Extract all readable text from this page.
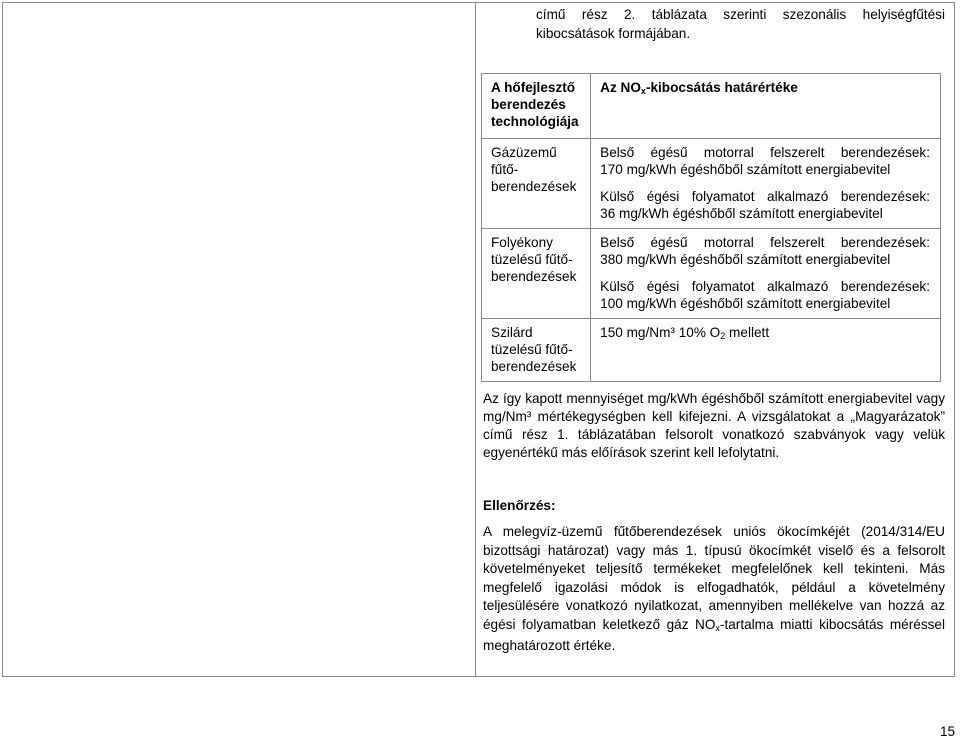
című rész 2. táblázata szerinti szezonális helyiségfűtési
kibocsátások formájában.
A hőfejlesztő berendezés technológiája	Az $NO_x$-kibocsátás határértéke
Gázüzemű fűtő-berendezések	Belső égésű motorral felszerelt berendezések:
170 mg/kWh égéshőből számított energiabevitel
Külső égési folyamatot alkalmazó berendezések:
36 mg/kWh égéshőből számított energiabevitel

Folyékony tüzelésű fűtő-berendezések	Belső égésű motorral felszerelt berendezések:
380 mg/kWh égéshőből számított energiabevitel
Külső égési folyamatot alkalmazó berendezések:
100 mg/kWh égéshőből számított energiabevitel

Szilárd tüzelésű fűtő-berendezések	150 mg/Nm³ 10% $O_2$ mellett
Az így kapott mennyiséget mg/kWh égéshőből számított energiabevitel vagy mg/Nm³ mértékegységben kell kifejezni. A vizsgálatokat a „Magyarázatok” című rész 1. táblázatában felsorolt vonatkozó szabványok vagy velük egyenértékű más előírások szerint kell lefolytatni.
Ellenőrzés:
A melegvíz-üzemű fűtőberendezések uniós ökocímkéjét (2014/314/EU bizottsági határozat) vagy más 1. típusú ökocímkét viselő és a felsorolt követelményeket teljesítő termékeket megfelelőnek kell tekinteni. Más megfelelő igazolási módok is elfogadhatók, például a követelmény teljesülésére vonatkozó nyilatkozat, amennyiben mellékelve van hozzá az égési folyamatban keletkező gáz $NO_x$-tartalma miatti kibocsátás méréssel meghatározott értéke.
15
